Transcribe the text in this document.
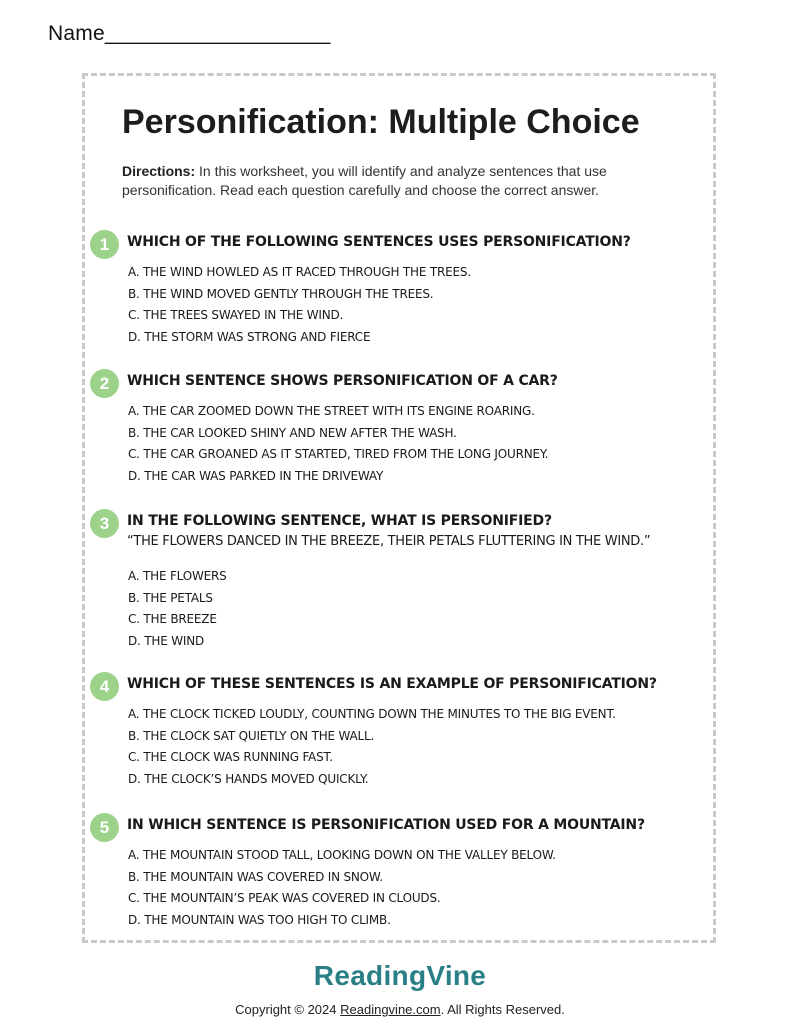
Name___________________
Personification: Multiple Choice
Directions: In this worksheet, you will identify and analyze sentences that use personification. Read each question carefully and choose the correct answer.
1	WHICH OF THE FOLLOWING SENTENCES USES PERSONIFICATION?
A. THE WIND HOWLED AS IT RACED THROUGH THE TREES.
B. THE WIND MOVED GENTLY THROUGH THE TREES.
C. THE TREES SWAYED IN THE WIND.
D. THE STORM WAS STRONG AND FIERCE
2	WHICH SENTENCE SHOWS PERSONIFICATION OF A CAR?
A. THE CAR ZOOMED DOWN THE STREET WITH ITS ENGINE ROARING.
B. THE CAR LOOKED SHINY AND NEW AFTER THE WASH.
C. THE CAR GROANED AS IT STARTED, TIRED FROM THE LONG JOURNEY.
D. THE CAR WAS PARKED IN THE DRIVEWAY
3	IN THE FOLLOWING SENTENCE, WHAT IS PERSONIFIED?
“THE FLOWERS DANCED IN THE BREEZE, THEIR PETALS FLUTTERING IN THE WIND.”
A. THE FLOWERS
B. THE PETALS
C. THE BREEZE
D. THE WIND
4	WHICH OF THESE SENTENCES IS AN EXAMPLE OF PERSONIFICATION?
A. THE CLOCK TICKED LOUDLY, COUNTING DOWN THE MINUTES TO THE BIG EVENT.
B. THE CLOCK SAT QUIETLY ON THE WALL.
C. THE CLOCK WAS RUNNING FAST.
D. THE CLOCK’S HANDS MOVED QUICKLY.
5	IN WHICH SENTENCE IS PERSONIFICATION USED FOR A MOUNTAIN?
A. THE MOUNTAIN STOOD TALL, LOOKING DOWN ON THE VALLEY BELOW.
B. THE MOUNTAIN WAS COVERED IN SNOW.
C. THE MOUNTAIN’S PEAK WAS COVERED IN CLOUDS.
D. THE MOUNTAIN WAS TOO HIGH TO CLIMB.
ReadingVine
Copyright © 2024 Readingvine.com. All Rights Reserved.
